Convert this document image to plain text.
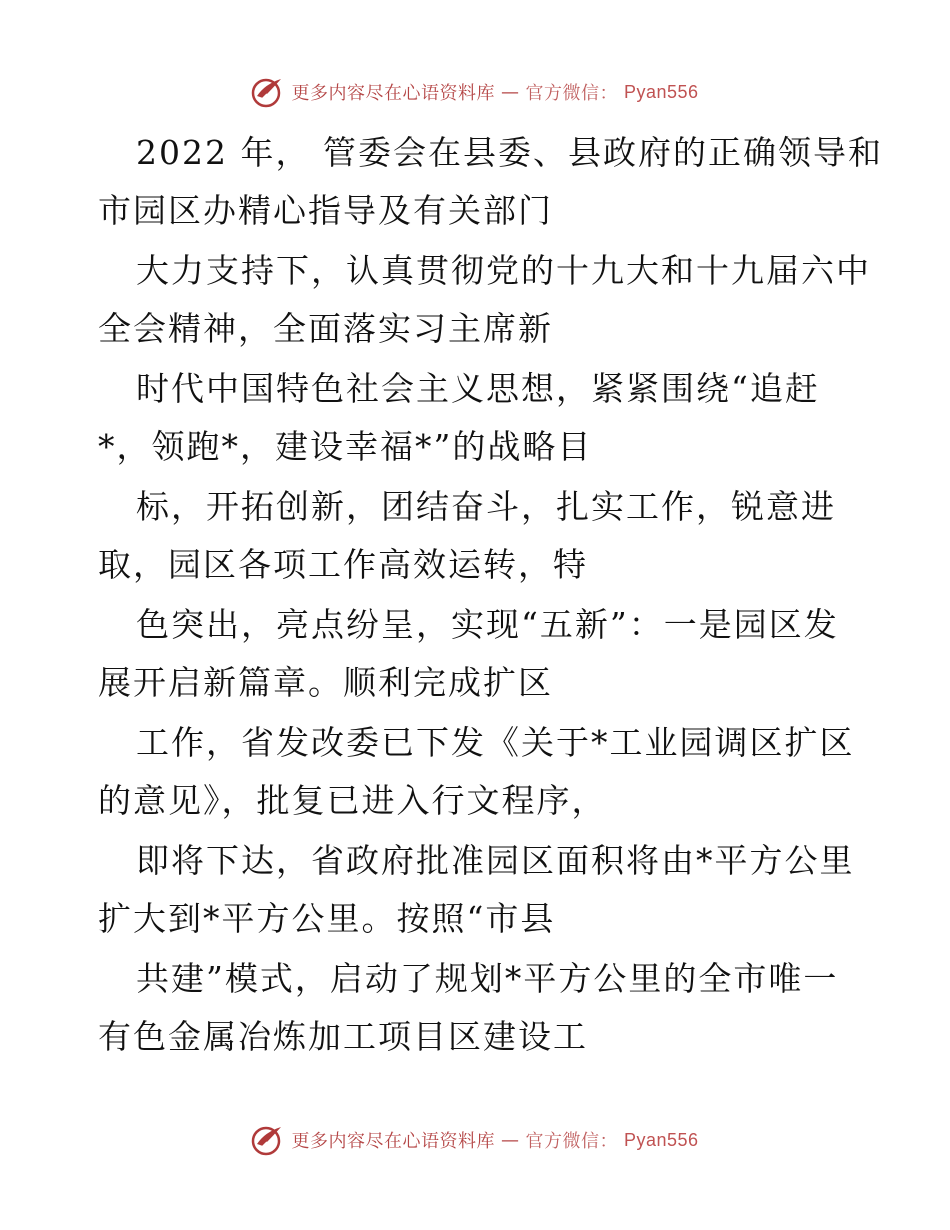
更多内容尽在心语资料库 — 官方微信： Pyan556
2022 年， 管委会在县委、县政府的正确领导和
市园区办精心指导及有关部门
大力支持下，认真贯彻党的十九大和十九届六中
全会精神，全面落实习主席新
时代中国特色社会主义思想，紧紧围绕“追赶
*，领跑*，建设幸福*”的战略目
标，开拓创新，团结奋斗，扎实工作，锐意进
取，园区各项工作高效运转，特
色突出，亮点纷呈，实现“五新”：一是园区发
展开启新篇章。顺利完成扩区
工作，省发改委已下发《关于*工业园调区扩区
的意见》，批复已进入行文程序，
即将下达，省政府批准园区面积将由*平方公里
扩大到*平方公里。按照“市县
共建”模式，启动了规划*平方公里的全市唯一
有色金属冶炼加工项目区建设工
更多内容尽在心语资料库 — 官方微信： Pyan556
